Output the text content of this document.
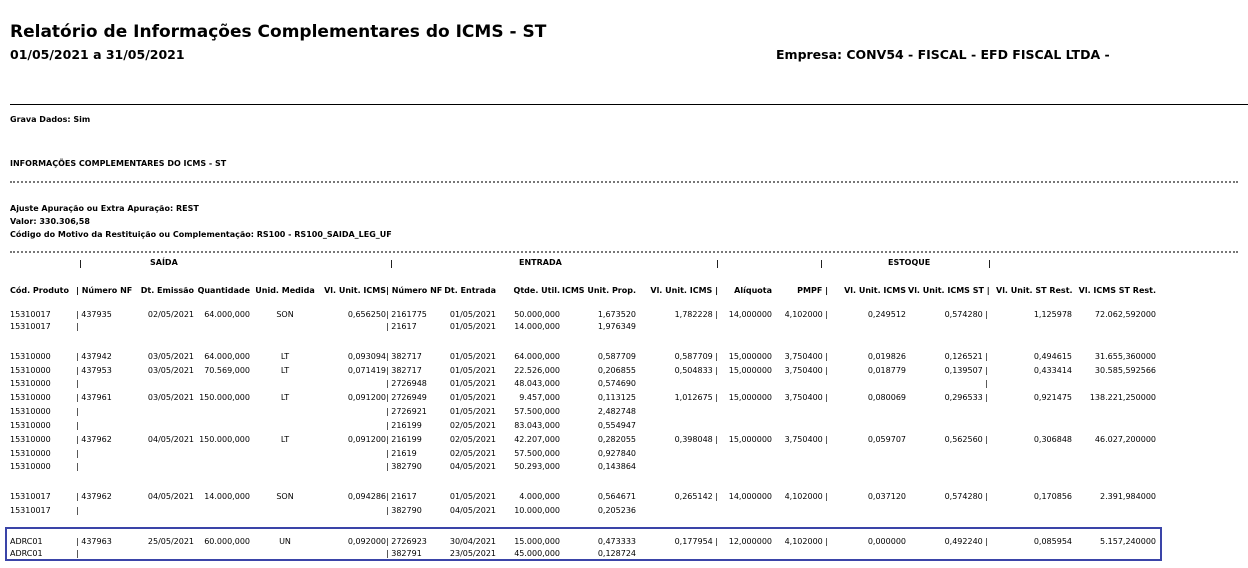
Relatório de Informações Complementares do ICMS - ST
01/05/2021 a 31/05/2021	Empresa: CONV54 - FISCAL - EFD FISCAL LTDA -
Grava Dados: Sim
INFORMAÇÕES COMPLEMENTARES DO ICMS - ST
Ajuste Apuração ou Extra Apuração: REST
Valor: 330.306,58
Código do Motivo da Restituição ou Complementação: RS100 - RS100_SAIDA_LEG_UF
|	SAÍDA	|	ENTRADA	|	|	ESTOQUE	|
Cód. Produto | Número NF	Dt. Emissão Quantidade Unid. Medida	Vl. Unit. ICMS | Número NF Dt. Entrada	Qtde. Util. ICMS Unit. Prop.	Vl. Unit. ICMS |	Alíquota	PMPF |	Vl. Unit. ICMS Vl. Unit. ICMS ST | Vl. Unit. ST Rest. Vl. ICMS ST Rest.
15310017	| 437935	02/05/2021	64.000,000	SON	0,656250 | 2161775	01/05/2021	50.000,000	1,673520	1,782228 |	14,000000	4,102000 |	0,249512	0,574280 |	1,125978	72.062,592000
15310017	|	| 21617	01/05/2021	14.000,000	1,976349
15310000	| 437942	03/05/2021	64.000,000	LT	0,093094 | 382717	01/05/2021	64.000,000	0,587709	0,587709 |	15,000000	3,750400 |	0,019826	0,126521 |	0,494615	31.655,360000
15310000	| 437953	03/05/2021	70.569,000	LT	0,071419 | 382717	01/05/2021	22.526,000	0,206855	0,504833 |	15,000000	3,750400 |	0,018779	0,139507 |	0,433414	30.585,592566
15310000	|	| 2726948	01/05/2021	48.043,000	0,574690	|
15310000	| 437961	03/05/2021 150.000,000	LT	0,091200 | 2726949	01/05/2021	9.457,000	0,113125	1,012675 |	15,000000	3,750400 |	0,080069	0,296533 |	0,921475	138.221,250000
15310000	|	| 2726921	01/05/2021	57.500,000	2,482748
15310000	|	| 216199	02/05/2021	83.043,000	0,554947
15310000	| 437962	04/05/2021 150.000,000	LT	0,091200 | 216199	02/05/2021	42.207,000	0,282055	0,398048 |	15,000000	3,750400 |	0,059707	0,562560 |	0,306848	46.027,200000
15310000	|	| 21619	02/05/2021	57.500,000	0,927840
15310000	|	| 382790	04/05/2021	50.293,000	0,143864
15310017	| 437962	04/05/2021	14.000,000	SON	0,094286 | 21617	01/05/2021	4.000,000	0,564671	0,265142 |	14,000000	4,102000 |	0,037120	0,574280 |	0,170856	2.391,984000
15310017	|	| 382790	04/05/2021	10.000,000	0,205236
ADRC01	| 437963	25/05/2021	60.000,000	UN	0,092000 | 2726923	30/04/2021	15.000,000	0,473333	0,177954 |	12,000000	4,102000 |	0,000000	0,492240 |	0,085954	5.157,240000
ADRC01	|	| 382791	23/05/2021	45.000,000	0,128724
